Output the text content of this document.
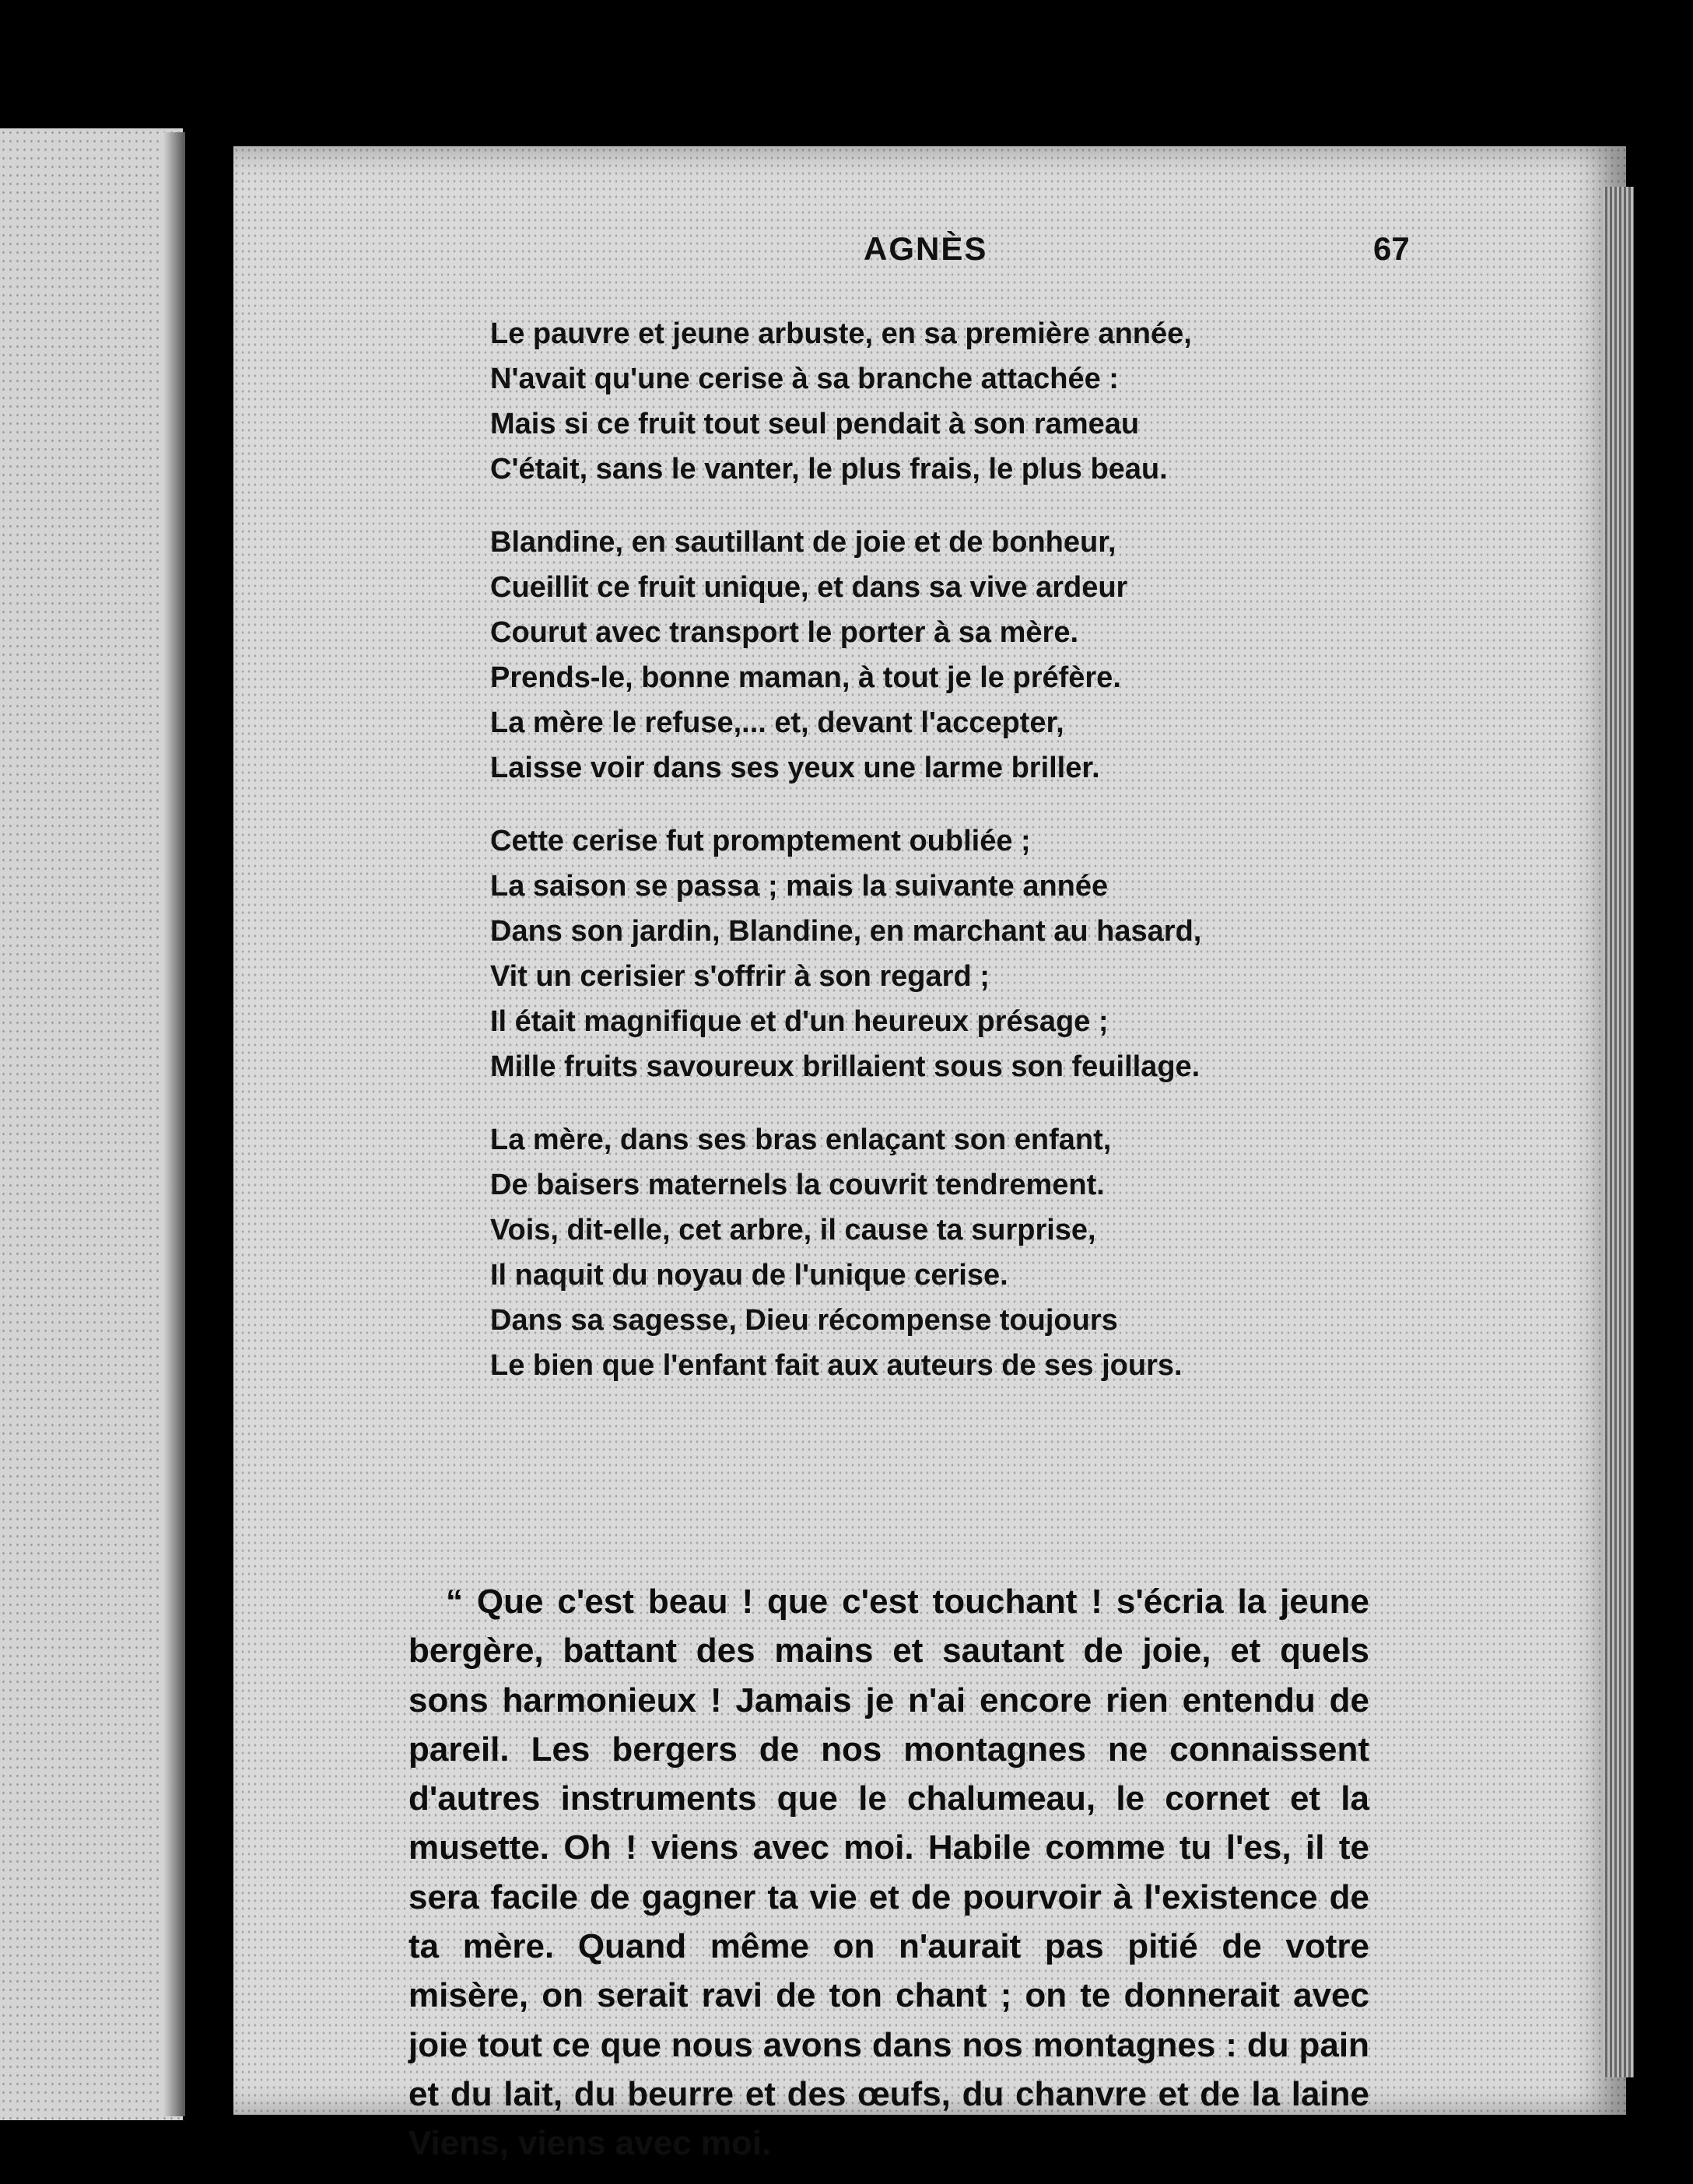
AGNÈS	67
Le pauvre et jeune arbuste, en sa première année,
N'avait qu'une cerise à sa branche attachée :
Mais si ce fruit tout seul pendait à son rameau
C'était, sans le vanter, le plus frais, le plus beau.
Blandine, en sautillant de joie et de bonheur,
Cueillit ce fruit unique, et dans sa vive ardeur
Courut avec transport le porter à sa mère.
Prends-le, bonne maman, à tout je le préfère.
La mère le refuse,... et, devant l'accepter,
Laisse voir dans ses yeux une larme briller.
Cette cerise fut promptement oubliée ;
La saison se passa ; mais la suivante année
Dans son jardin, Blandine, en marchant au hasard,
Vit un cerisier s'offrir à son regard ;
Il était magnifique et d'un heureux présage ;
Mille fruits savoureux brillaient sous son feuillage.
La mère, dans ses bras enlaçant son enfant,
De baisers maternels la couvrit tendrement.
Vois, dit-elle, cet arbre, il cause ta surprise,
Il naquit du noyau de l'unique cerise.
Dans sa sagesse, Dieu récompense toujours
Le bien que l'enfant fait aux auteurs de ses jours.

“ Que c'est beau ! que c'est touchant ! s'écria la jeune bergère, battant des mains et sautant de joie, et quels sons harmonieux ! Jamais je n'ai encore rien entendu de pareil. Les bergers de nos montagnes ne connaissent d'autres instruments que le chalumeau, le cornet et la musette. Oh ! viens avec moi. Habile comme tu l'es, il te sera facile de gagner ta vie et de pourvoir à l'existence de ta mère. Quand même on n'aurait pas pitié de votre misère, on serait ravi de ton chant ; on te donnerait avec joie tout ce que nous avons dans nos montagnes : du pain et du lait, du beurre et des œufs, du chanvre et de la laine Viens, viens avec moi.
